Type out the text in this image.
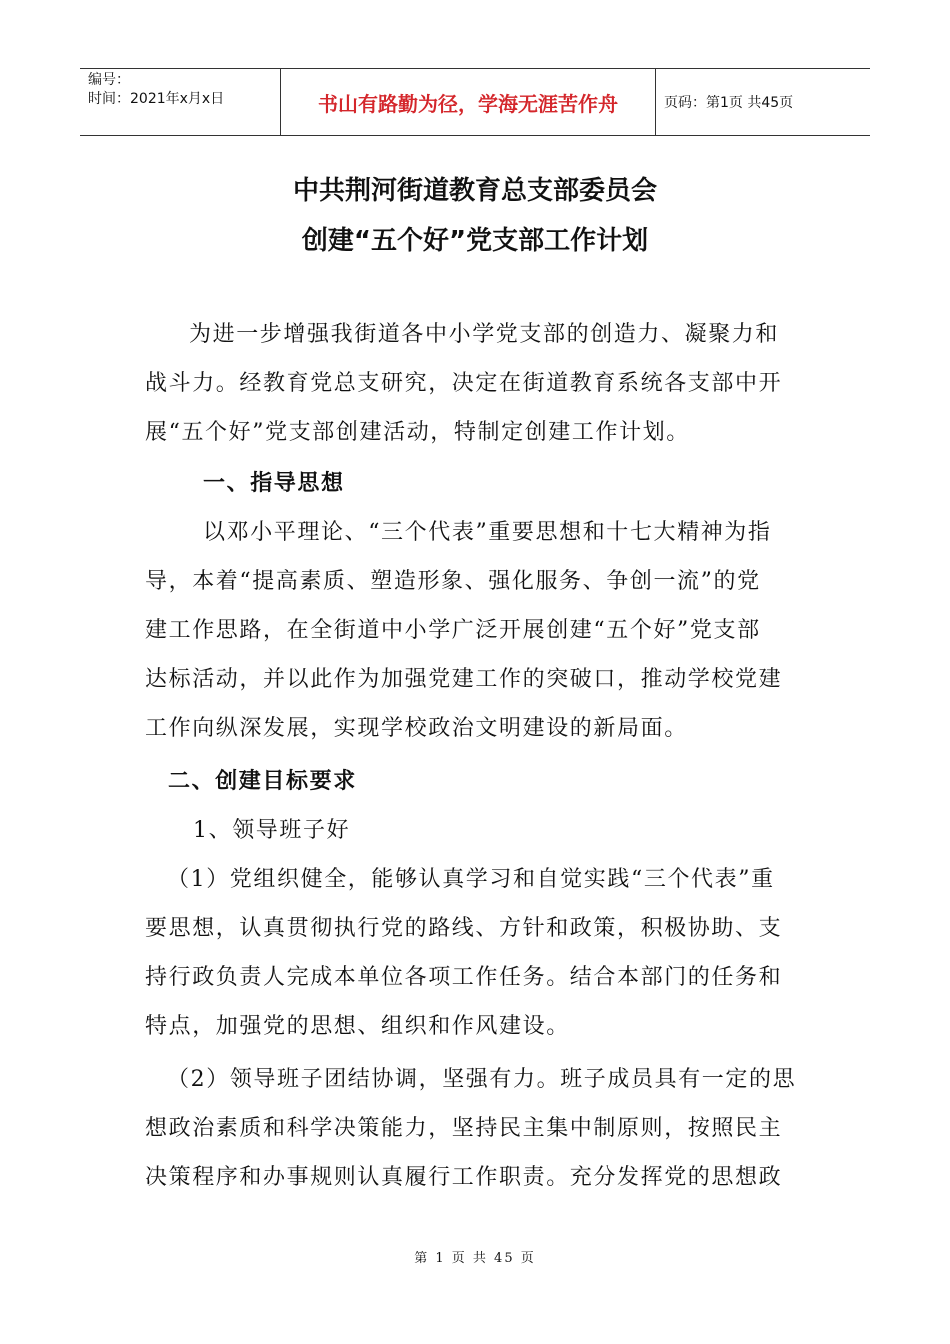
编号：
时间：2021年x月x日	书山有路勤为径，学海无涯苦作舟	页码：第1页 共45页
中共荆河街道教育总支部委员会
创建“五个好”党支部工作计划
为进一步增强我街道各中小学党支部的创造力、凝聚力和
战斗力。经教育党总支研究，决定在街道教育系统各支部中开
展“五个好”党支部创建活动，特制定创建工作计划。
一、指导思想
以邓小平理论、“三个代表”重要思想和十七大精神为指
导，本着“提高素质、塑造形象、强化服务、争创一流”的党
建工作思路，在全街道中小学广泛开展创建“五个好”党支部
达标活动，并以此作为加强党建工作的突破口，推动学校党建
工作向纵深发展，实现学校政治文明建设的新局面。
二、创建目标要求
1、领导班子好
（1）党组织健全，能够认真学习和自觉实践“三个代表”重
要思想，认真贯彻执行党的路线、方针和政策，积极协助、支
持行政负责人完成本单位各项工作任务。结合本部门的任务和
特点，加强党的思想、组织和作风建设。
（2）领导班子团结协调，坚强有力。班子成员具有一定的思
想政治素质和科学决策能力，坚持民主集中制原则，按照民主
决策程序和办事规则认真履行工作职责。充分发挥党的思想政
第 1 页 共 45 页
